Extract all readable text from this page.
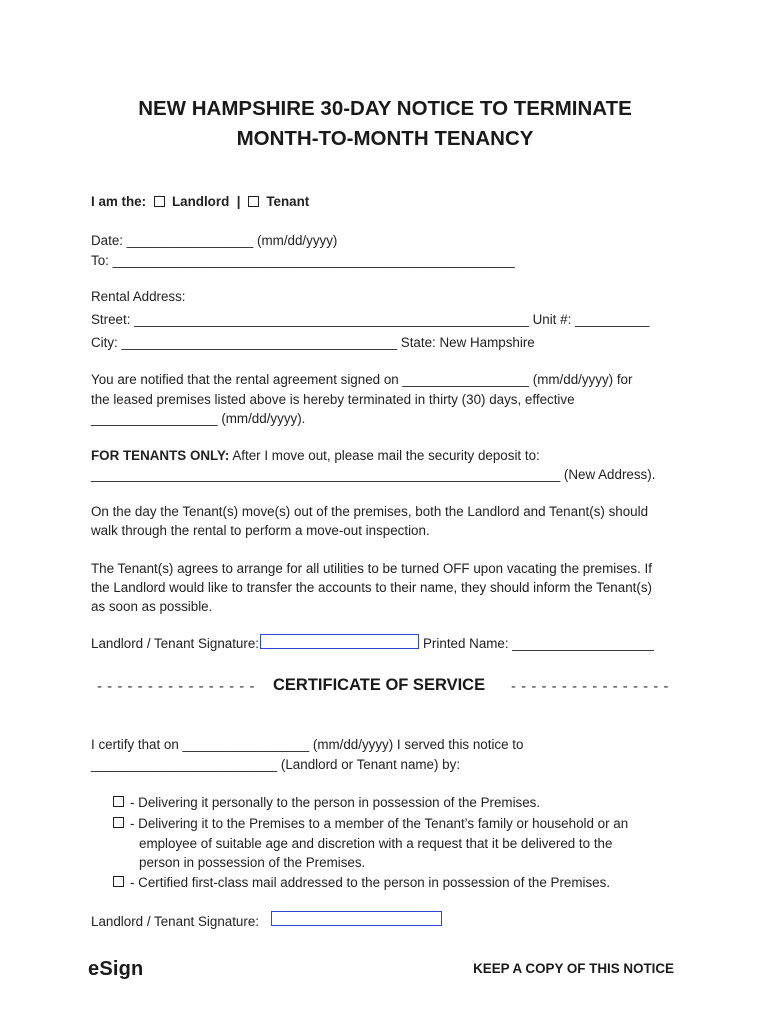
NEW HAMPSHIRE 30-DAY NOTICE TO TERMINATE
MONTH-TO-MONTH TENANCY
I am the: Landlord | Tenant
Date: _________________ (mm/dd/yyyy)
To: ______________________________________________________
Rental Address:
Street: _____________________________________________________ Unit #: __________
City: _____________________________________ State: New Hampshire
You are notified that the rental agreement signed on _________________ (mm/dd/yyyy) for
the leased premises listed above is hereby terminated in thirty (30) days, effective
_________________ (mm/dd/yyyy).
FOR TENANTS ONLY: After I move out, please mail the security deposit to:
_______________________________________________________________ (New Address).
On the day the Tenant(s) move(s) out of the premises, both the Landlord and Tenant(s) should
walk through the rental to perform a move-out inspection.
The Tenant(s) agrees to arrange for all utilities to be turned OFF upon vacating the premises. If
the Landlord would like to transfer the accounts to their name, they should inform the Tenant(s)
as soon as possible.
Landlord / Tenant Signature:	Printed Name: ___________________
- - - - - - - - - - - - - - - - CERTIFICATE OF SERVICE - - - - - - - - - - - - - - - -
I certify that on _________________ (mm/dd/yyyy) I served this notice to
_________________________ (Landlord or Tenant name) by:
- Delivering it personally to the person in possession of the Premises.
- Delivering it to the Premises to a member of the Tenant’s family or household or an
employee of suitable age and discretion with a request that it be delivered to the
person in possession of the Premises.
- Certified first-class mail addressed to the person in possession of the Premises.
Landlord / Tenant Signature:
eSign	KEEP A COPY OF THIS NOTICE
